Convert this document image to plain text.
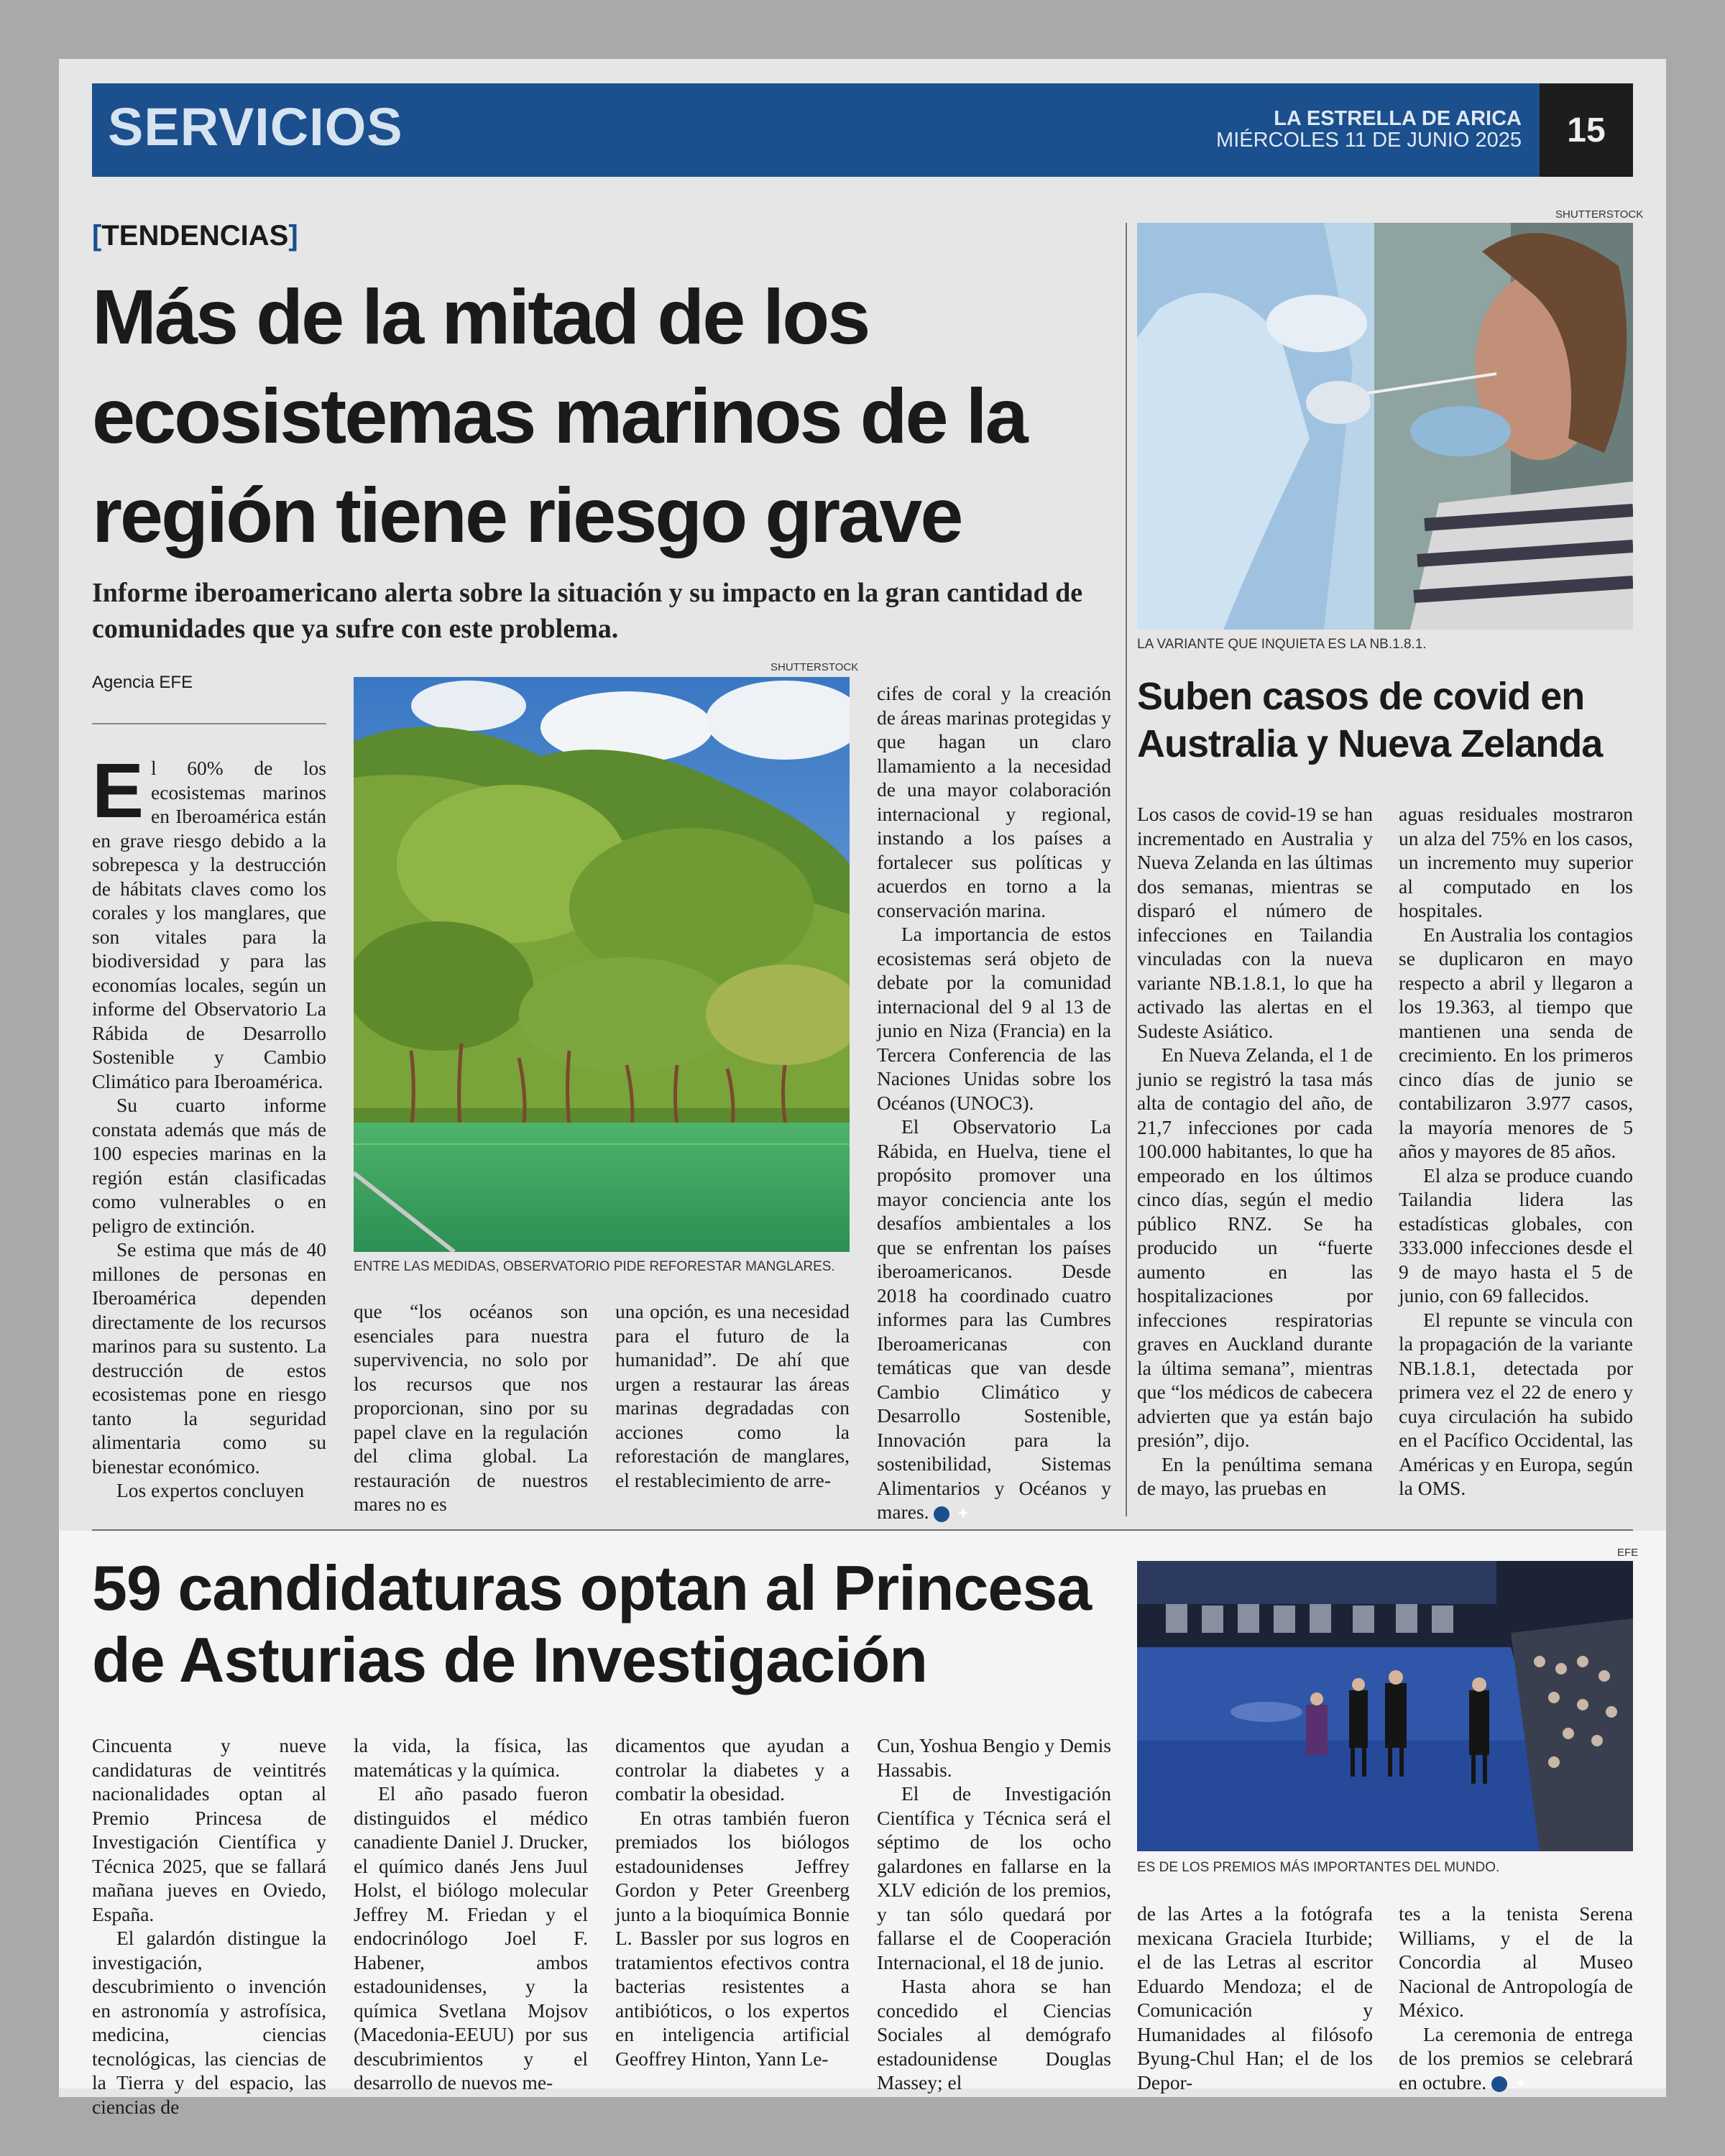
SERVICIOS	LA ESTRELLA DE ARICA
MIÉRCOLES 11 DE JUNIO 2025	15
[TENDENCIAS]
Más de la mitad de los ecosistemas marinos de la región tiene riesgo grave
Informe iberoamericano alerta sobre la situación y su impacto en la gran cantidad de comunidades que ya sufre con este problema.
Agencia EFE

El 60% de los ecosistemas marinos en Iberoamérica están en grave riesgo debido a la sobrepesca y la destrucción de hábitats claves como los corales y los manglares, que son vitales para la biodiversidad y para las economías locales, según un informe del Observatorio La Rábida de Desarrollo Sostenible y Cambio Climático para Iberoamérica.

Su cuarto informe constata además que más de 100 especies marinas en la región están clasificadas como vulnerables o en peligro de extinción.

Se estima que más de 40 millones de personas en Iberoamérica dependen directamente de los recursos marinos para su sustento. La destrucción de estos ecosistemas pone en riesgo tanto la seguridad alimentaria como su bienestar económico.

Los expertos concluyen

SHUTTERSTOCK
ENTRE LAS MEDIDAS, OBSERVATORIO PIDE REFORESTAR MANGLARES.

que “los océanos son esenciales para nuestra supervivencia, no solo por los recursos que nos proporcionan, sino por su papel clave en la regulación del clima global. La restauración de nuestros mares no es

una opción, es una necesidad para el futuro de la humanidad”. De ahí que urgen a restaurar las áreas marinas degradadas con acciones como la reforestación de manglares, el restablecimiento de arre-

cifes de coral y la creación de áreas marinas protegidas y que hagan un claro llamamiento a la necesidad de una mayor colaboración internacional y regional, instando a los países a fortalecer sus políticas y acuerdos en torno a la conservación marina.

La importancia de estos ecosistemas será objeto de debate por la comunidad internacional del 9 al 13 de junio en Niza (Francia) en la Tercera Conferencia de las Naciones Unidas sobre los Océanos (UNOC3).

El Observatorio La Rábida, en Huelva, tiene el propósito promover una mayor conciencia ante los desafíos ambientales a los que se enfrentan los países iberoamericanos. Desde 2018 ha coordinado cuatro informes para las Cumbres Iberoamericanas con temáticas que van desde Cambio Climático y Desarrollo Sostenible, Innovación para la sostenibilidad, Sistemas Alimentarios y Océanos y mares.	✚

SHUTTERSTOCK
LA VARIANTE QUE INQUIETA ES LA NB.1.8.1.
Suben casos de covid en Australia y Nueva Zelanda

Los casos de covid-19 se han incrementado en Australia y Nueva Zelanda en las últimas dos semanas, mientras se disparó el número de infecciones en Tailandia vinculadas con la nueva variante NB.1.8.1, lo que ha activado las alertas en el Sudeste Asiático.

En Nueva Zelanda, el 1 de junio se registró la tasa más alta de contagio del año, de 21,7 infecciones por cada 100.000 habitantes, lo que ha empeorado en los últimos cinco días, según el medio público RNZ. Se ha producido un “fuerte aumento en las hospitalizaciones por infecciones respiratorias graves en Auckland durante la última semana”, mientras que “los médicos de cabecera advierten que ya están bajo presión”, dijo.

En la penúltima semana de mayo, las pruebas en

aguas residuales mostraron un alza del 75% en los casos, un incremento muy superior al computado en los hospitales.

En Australia los contagios se duplicaron en mayo respecto a abril y llegaron a los 19.363, al tiempo que mantienen una senda de crecimiento. En los primeros cinco días de junio se contabilizaron 3.977 casos, la mayoría menores de 5 años y mayores de 85 años.

El alza se produce cuando Tailandia lidera las estadísticas globales, con 333.000 infecciones desde el 9 de mayo hasta el 5 de junio, con 69 fallecidos.

El repunte se vincula con la propagación de la variante NB.1.8.1, detectada por primera vez el 22 de enero y cuya circulación ha subido en el Pacífico Occidental, las Américas y en Europa, según la OMS.

59 candidaturas optan al Princesa de Asturias de Investigación
EFE
ES DE LOS PREMIOS MÁS IMPORTANTES DEL MUNDO.

Cincuenta y nueve candidaturas de veintitrés nacionalidades optan al Premio Princesa de Investigación Científica y Técnica 2025, que se fallará mañana jueves en Oviedo, España.

El galardón distingue la investigación, descubrimiento o invención en astronomía y astrofísica, medicina, ciencias tecnológicas, las ciencias de la Tierra y del espacio, las ciencias de

la vida, la física, las matemáticas y la química.

El año pasado fueron distinguidos el médico canadiente Daniel J. Drucker, el químico danés Jens Juul Holst, el biólogo molecular Jeffrey M. Friedan y el endocrinólogo Joel F. Habener, ambos estadounidenses, y la química Svetlana Mojsov (Macedonia-EEUU) por sus descubrimientos y el desarrollo de nuevos me-

dicamentos que ayudan a controlar la diabetes y a combatir la obesidad.

En otras también fueron premiados los biólogos estadounidenses Jeffrey Gordon y Peter Greenberg junto a la bioquímica Bonnie L. Bassler por sus logros en tratamientos efectivos contra bacterias resistentes a antibióticos, o los expertos en inteligencia artificial Geoffrey Hinton, Yann Le-

Cun, Yoshua Bengio y Demis Hassabis.

El de Investigación Científica y Técnica será el séptimo de los ocho galardones en fallarse en la XLV edición de los premios, y tan sólo quedará por fallarse el de Cooperación Internacional, el 18 de junio.

Hasta ahora se han concedido el Ciencias Sociales al demógrafo estadounidense Douglas Massey; el

de las Artes a la fotógrafa mexicana Graciela Iturbide; el de las Letras al escritor Eduardo Mendoza; el de Comunicación y Humanidades al filósofo Byung-Chul Han; el de los Depor-

tes a la tenista Serena Williams, y el de la Concordia al Museo Nacional de Antropología de México.

La ceremonia de entrega de los premios se celebrará en octubre.	✚
